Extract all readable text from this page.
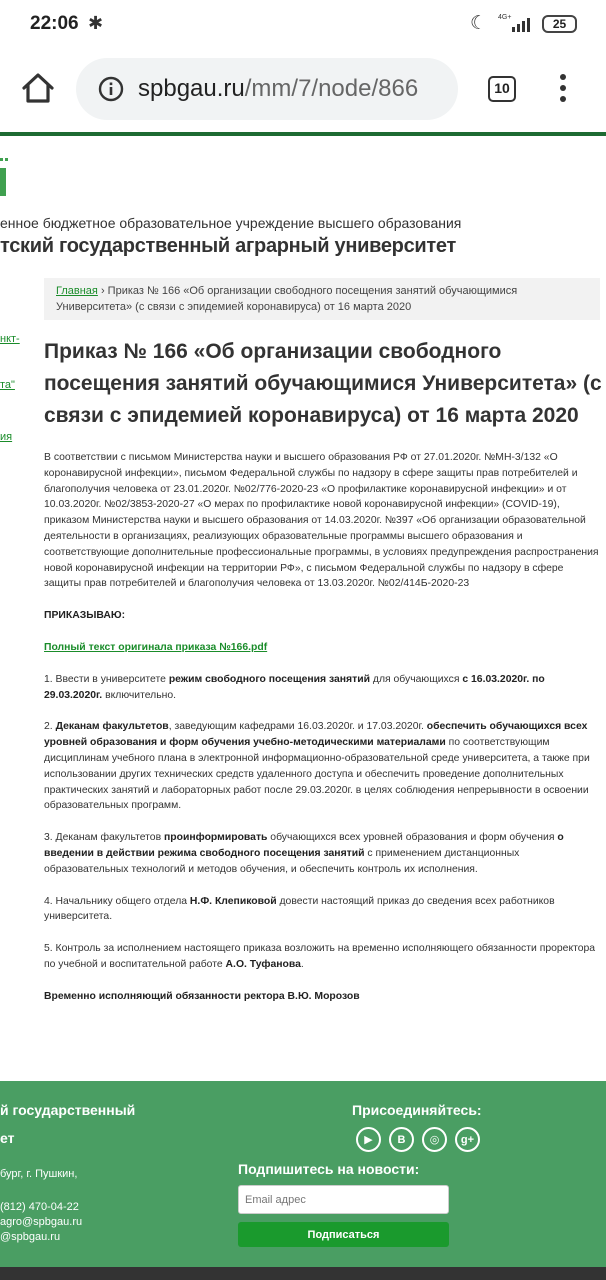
22:06 ✱	☾ 4G+	25
spbgau.ru/mm/7/node/866	10
енное бюджетное образовательное учреждение высшего образования
тский государственный аграрный университет
нкт-
та"
ия
Главная › Приказ № 166 «Об организации свободного посещения занятий обучающимися Университета» (с связи с эпидемией коронавируса) от 16 марта 2020
Приказ № 166 «Об организации свободного посещения занятий обучающимися Университета» (с связи с эпидемией коронавируса) от 16 марта 2020

В соответствии с письмом Министерства науки и высшего образования РФ от 27.01.2020г. №МН-3/132 «О коронавирусной инфекции», письмом Федеральной службы по надзору в сфере защиты прав потребителей и благополучия человека от 23.01.2020г. №02/776-2020-23 «О профилактике коронавирусной инфекции» и от 10.03.2020г. №02/3853-2020-27 «О мерах по профилактике новой коронавирусной инфекции» (COVID-19), приказом Министерства науки и высшего образования от 14.03.2020г. №397 «Об организации образовательной деятельности в организациях, реализующих образовательные программы высшего образования и соответствующие дополнительные профессиональные программы, в условиях предупреждения распространения новой коронавирусной инфекции на территории РФ», с письмом Федеральной службы по надзору в сфере защиты прав потребителей и благополучия человека от 13.03.2020г. №02/414Б-2020-23

ПРИКАЗЫВАЮ:

Полный текст оригинала приказа №166.pdf

1. Ввести в университете режим свободного посещения занятий для обучающихся с 16.03.2020г. по 29.03.2020г. включительно.

2. Деканам факультетов, заведующим кафедрами 16.03.2020г. и 17.03.2020г. обеспечить обучающихся всех уровней образования и форм обучения учебно-методическими материалами по соответствующим дисциплинам учебного плана в электронной информационно-образовательной среде университета, а также при использовании других технических средств удаленного доступа и обеспечить проведение дополнительных практических занятий и лабораторных работ после 29.03.2020г. в целях соблюдения непрерывности в освоении образовательных программ.

3. Деканам факультетов проинформировать обучающихся всех уровней образования и форм обучения о введении в действии режима свободного посещения занятий с применением дистанционных образовательных технологий и методов обучения, и обеспечить контроль их исполнения.

4. Начальнику общего отдела Н.Ф. Клепиковой довести настоящий приказ до сведения всех работников университета.

5. Контроль за исполнением настоящего приказа возложить на временно исполняющего обязанности проректора по учебной и воспитательной работе А.О. Туфанова.

Временно исполняющий обязанности ректора В.Ю. Морозов

й государственный
ет
бург, г. Пушкин,
(812) 470-04-22
agro@spbgau.ru
@spbgau.ru
Присоединяйтесь:
▶	B	◎	g+
Подпишитесь на новости:
Email адрес
Подписаться
